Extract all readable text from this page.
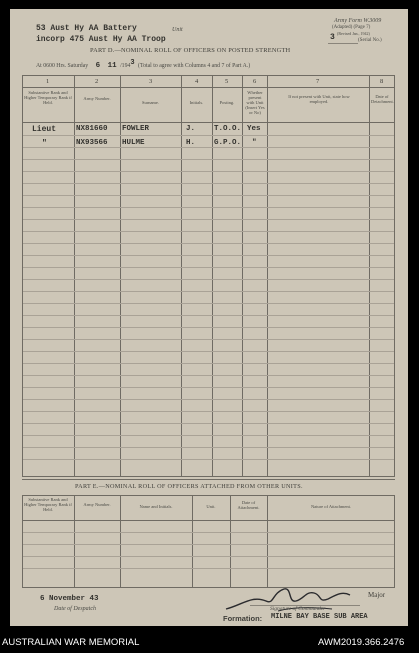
53 Aust Hy AA Battery	Unit
incorp 475 Aust Hy AA Troop
Army Form W.3009
(Adapted) (Page 7)
(Revised Jan., 1942)
3	(Serial No.)
PART D.—NOMINAL ROLL OF OFFICERS ON POSTED STRENGTH
At 0600 Hrs. Saturday 6 11 /1943 (Total to agree with Columns 4 and 7 of Part A.)
1	2	3	4	5	6	7	8
Substantive Rank and Higher Temporary Rank if Held.
Army Number.
Surname.	Initials.	Posting.
Whether present with Unit (Insert Yes or No)
If not present with Unit, state how employed.
Date of Detachment.
Lieut	NX81660 FOWLER	J.	T.O.O. Yes
"	NX93566 HULME	H.	G.P.O. "
PART E.—NOMINAL ROLL OF OFFICERS ATTACHED FROM OTHER UNITS.
Substantive Rank and Higher Temporary Rank if Held.
Army Number.	Name and Initials.	Unit.
Date of Attachment.	Nature of Attachment.
6 November 43
Date of Despatch
Major
Signature of Commander
Formation: MILNE BAY BASE SUB AREA
AUSTRALIAN WAR MEMORIAL	AWM2019.366.2476
